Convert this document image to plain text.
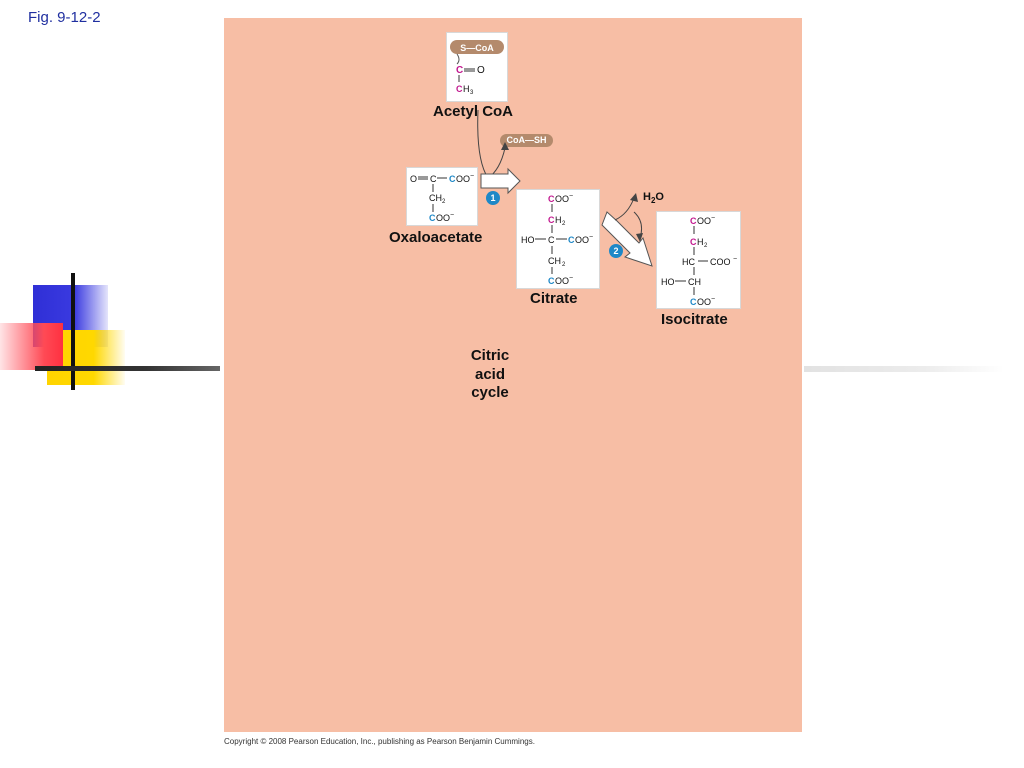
Fig. 9-12-2
S—CoA
C O
C H 3
Acetyl CoA
CoA—SH
O C C OO −
CH 2
C OO −
Oxaloacetate
C OO −
C H 2
HO C C OO −
CH 2
C OO −
Citrate
C OO −
C H 2
HC COO −
HO CH
C OO −
Isocitrate
$H_2O$
1
2
Citric
acid
cycle
Copyright © 2008 Pearson Education, Inc., publishing as Pearson Benjamin Cummings.
